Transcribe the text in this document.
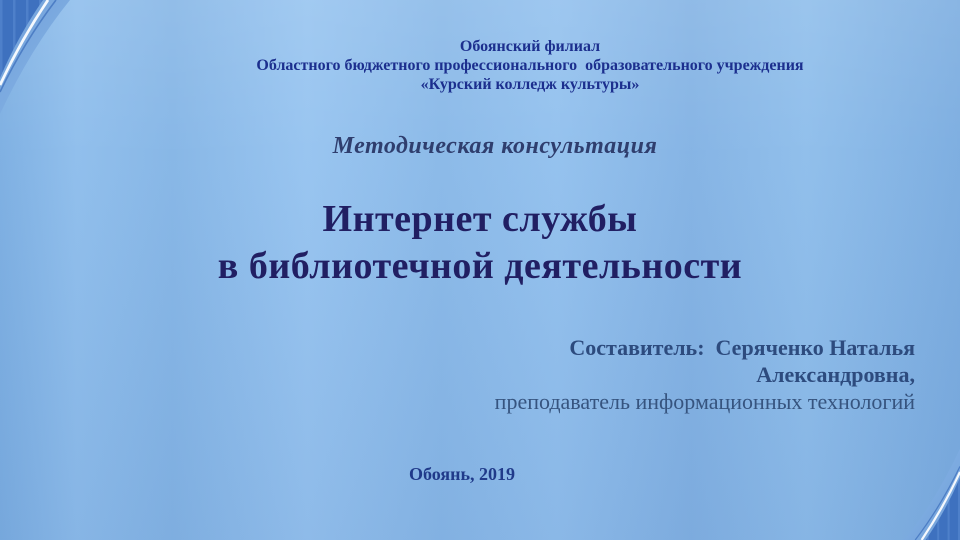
Обоянский филиал
Областного бюджетного профессионального  образовательного учреждения
«Курский колледж культуры»
Методическая консультация
Интернет службы
в библиотечной деятельности
Составитель:  Серяченко Наталья
Александровна,
преподаватель информационных технологий
Обоянь, 2019
